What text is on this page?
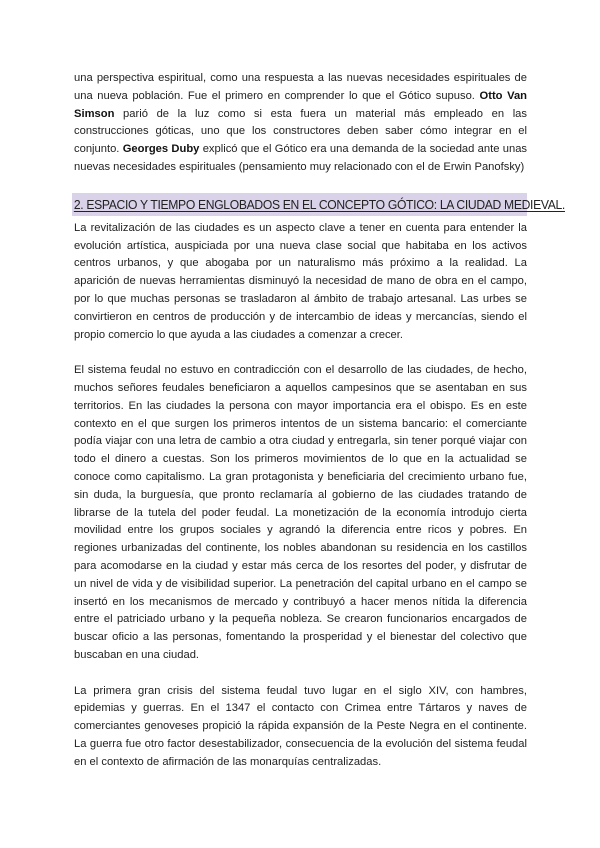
una perspectiva espiritual, como una respuesta a las nuevas necesidades espirituales de una nueva población. Fue el primero en comprender lo que el Gótico supuso. Otto Van Simson parió de la luz como si esta fuera un material más empleado en las construcciones góticas, uno que los constructores deben saber cómo integrar en el conjunto. Georges Duby explicó que el Gótico era una demanda de la sociedad ante unas nuevas necesidades espirituales (pensamiento muy relacionado con el de Erwin Panofsky)

2. ESPACIO Y TIEMPO ENGLOBADOS EN EL CONCEPTO GÓTICO: LA CIUDAD MEDIEVAL.

La revitalización de las ciudades es un aspecto clave a tener en cuenta para entender la evolución artística, auspiciada por una nueva clase social que habitaba en los activos centros urbanos, y que abogaba por un naturalismo más próximo a la realidad. La aparición de nuevas herramientas disminuyó la necesidad de mano de obra en el campo, por lo que muchas personas se trasladaron al ámbito de trabajo artesanal. Las urbes se convirtieron en centros de producción y de intercambio de ideas y mercancías, siendo el propio comercio lo que ayuda a las ciudades a comenzar a crecer.

El sistema feudal no estuvo en contradicción con el desarrollo de las ciudades, de hecho, muchos señores feudales beneficiaron a aquellos campesinos que se asentaban en sus territorios. En las ciudades la persona con mayor importancia era el obispo. Es en este contexto en el que surgen los primeros intentos de un sistema bancario: el comerciante podía viajar con una letra de cambio a otra ciudad y entregarla, sin tener porqué viajar con todo el dinero a cuestas. Son los primeros movimientos de lo que en la actualidad se conoce como capitalismo. La gran protagonista y beneficiaria del crecimiento urbano fue, sin duda, la burguesía, que pronto reclamaría al gobierno de las ciudades tratando de librarse de la tutela del poder feudal. La monetización de la economía introdujo cierta movilidad entre los grupos sociales y agrandó la diferencia entre ricos y pobres. En regiones urbanizadas del continente, los nobles abandonan su residencia en los castillos para acomodarse en la ciudad y estar más cerca de los resortes del poder, y disfrutar de un nivel de vida y de visibilidad superior. La penetración del capital urbano en el campo se insertó en los mecanismos de mercado y contribuyó a hacer menos nítida la diferencia entre el patriciado urbano y la pequeña nobleza. Se crearon funcionarios encargados de buscar oficio a las personas, fomentando la prosperidad y el bienestar del colectivo que buscaban en una ciudad.

La primera gran crisis del sistema feudal tuvo lugar en el siglo XIV, con hambres, epidemias y guerras. En el 1347 el contacto con Crimea entre Tártaros y naves de comerciantes genoveses propició la rápida expansión de la Peste Negra en el continente. La guerra fue otro factor desestabilizador, consecuencia de la evolución del sistema feudal en el contexto de afirmación de las monarquías centralizadas.
